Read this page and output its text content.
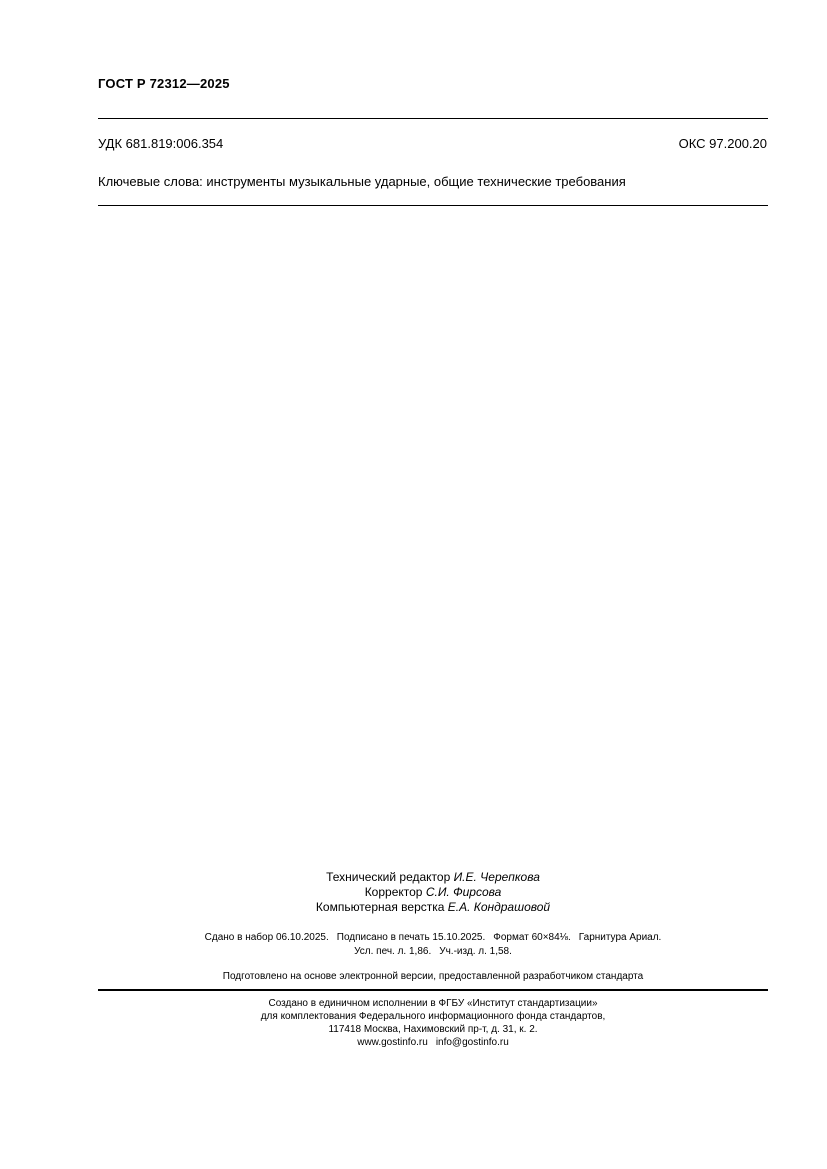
ГОСТ Р 72312—2025
УДК 681.819:006.354	ОКС 97.200.20
Ключевые слова: инструменты музыкальные ударные, общие технические требования
Технический редактор И.Е. Черепкова
Корректор С.И. Фирсова
Компьютерная верстка Е.А. Кондрашовой
Сдано в набор 06.10.2025. Подписано в печать 15.10.2025. Формат 60×84⅛. Гарнитура Ариал.
Усл. печ. л. 1,86. Уч.-изд. л. 1,58.
Подготовлено на основе электронной версии, предоставленной разработчиком стандарта
Создано в единичном исполнении в ФГБУ «Институт стандартизации»
для комплектования Федерального информационного фонда стандартов,
117418 Москва, Нахимовский пр-т, д. 31, к. 2.
www.gostinfo.ru info@gostinfo.ru
